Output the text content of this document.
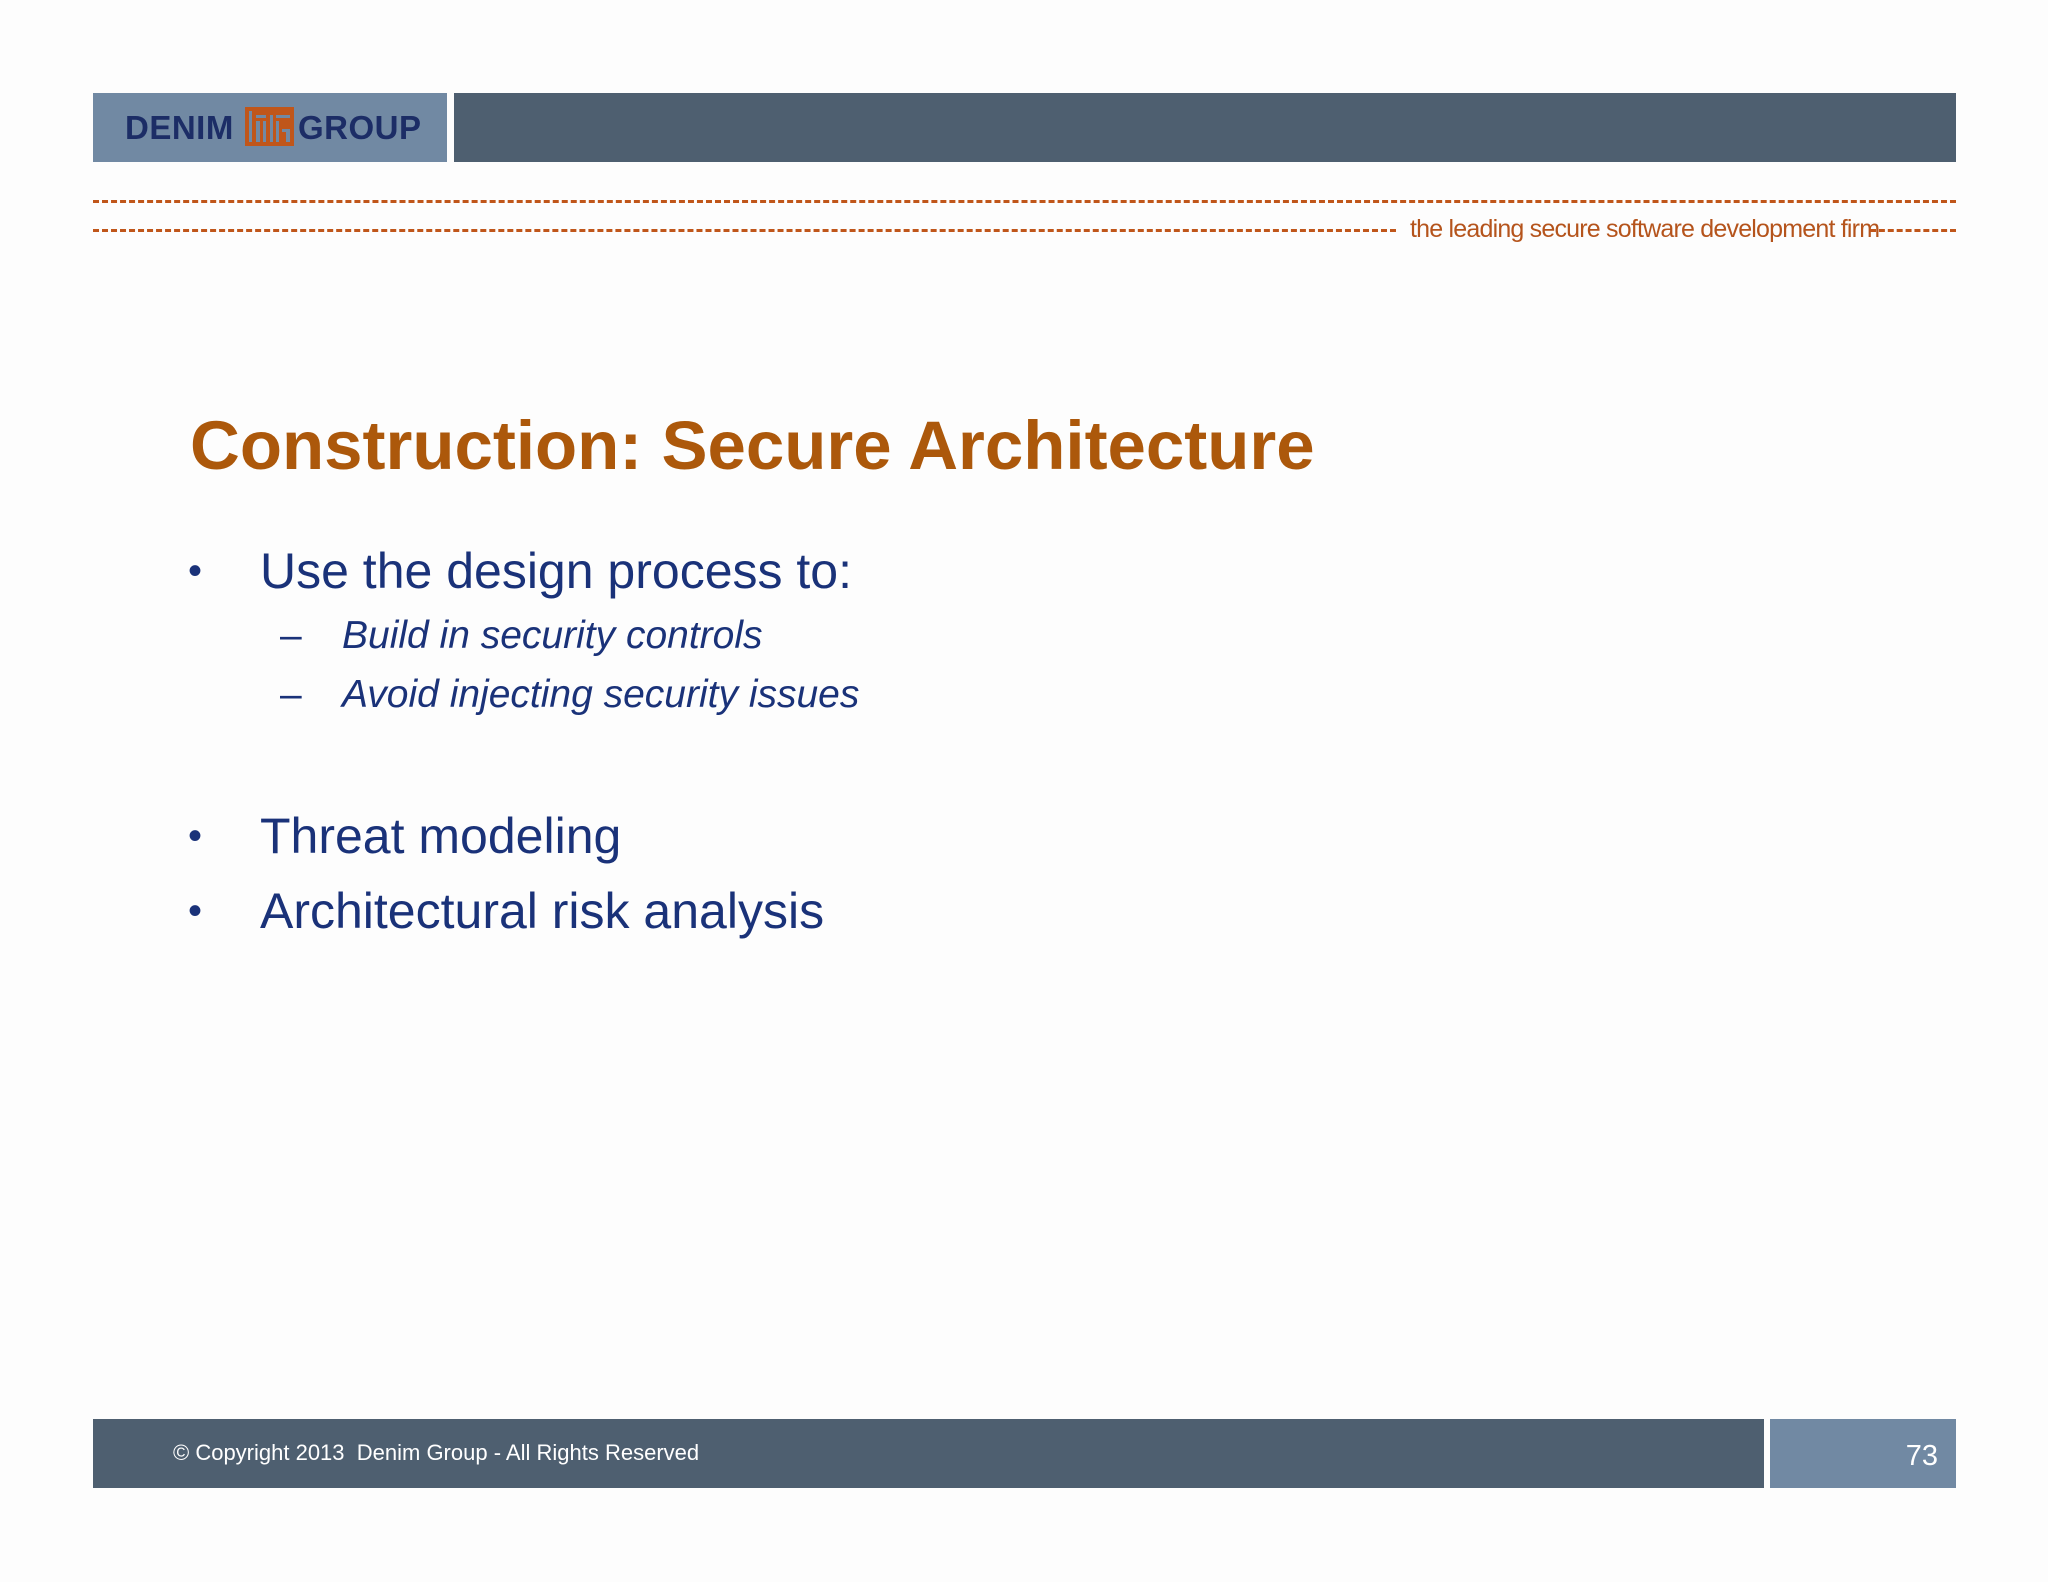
DENIM GROUP
the leading secure software development firm
Construction: Secure Architecture
• Use the design process to:
– Build in security controls
– Avoid injecting security issues
• Threat modeling
• Architectural risk analysis
© Copyright 2013  Denim Group - All Rights Reserved	73
